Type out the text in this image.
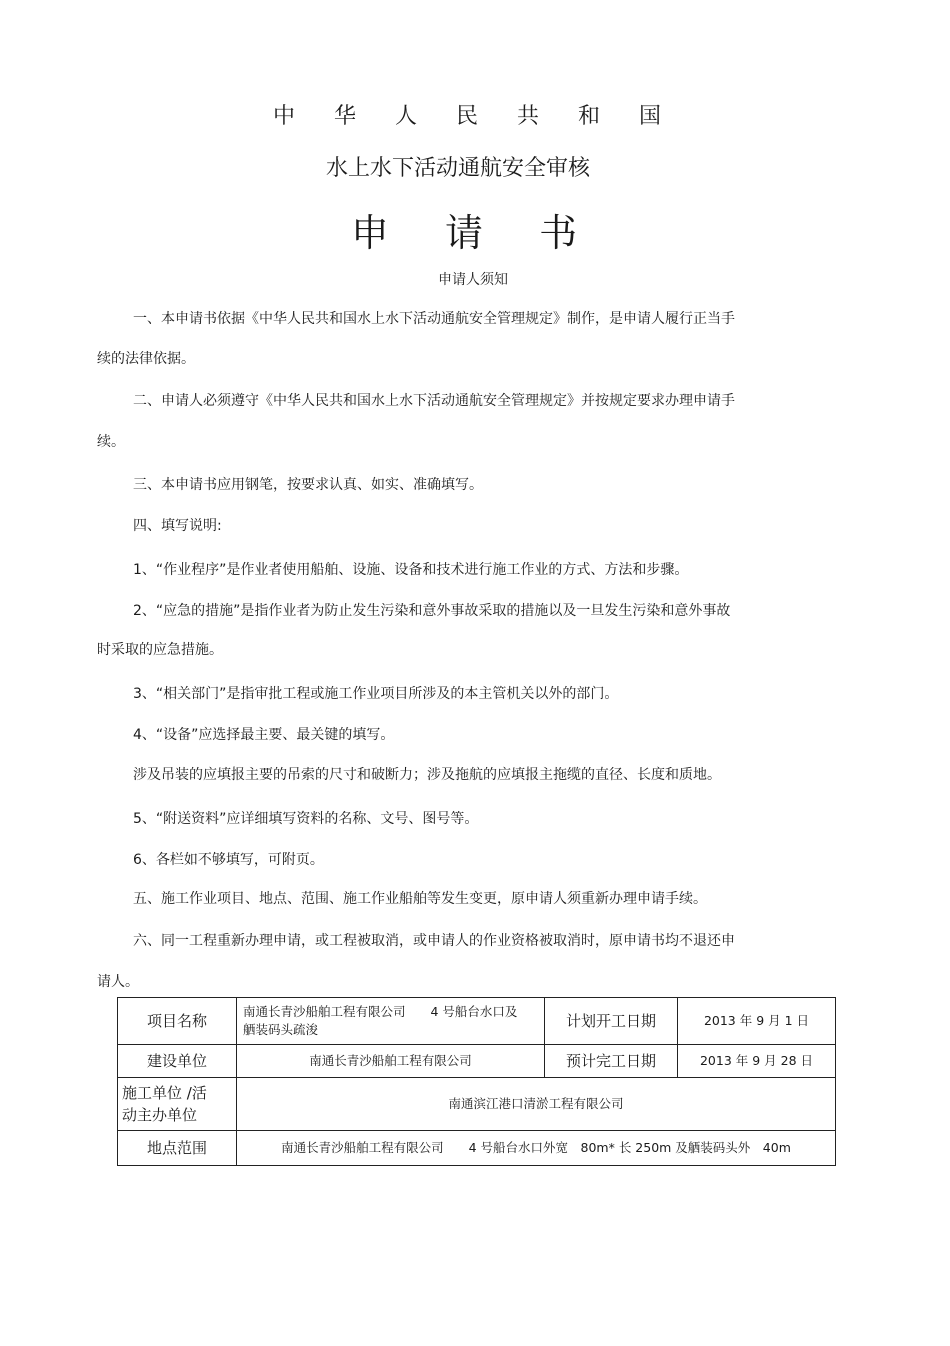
中 华 人 民 共 和 国
水上水下活动通航安全审核
申 请 书
申请人须知
一、本申请书依据《中华人民共和国水上水下活动通航安全管理规定》制作，是申请人履行正当手
续的法律依据。
二、申请人必须遵守《中华人民共和国水上水下活动通航安全管理规定》并按规定要求办理申请手
续。
三、本申请书应用钢笔，按要求认真、如实、准确填写。
四、填写说明:
1、“作业程序”是作业者使用船舶、设施、设备和技术进行施工作业的方式、方法和步骤。
2、“应急的措施”是指作业者为防止发生污染和意外事故采取的措施以及一旦发生污染和意外事故
时采取的应急措施。
3、“相关部门”是指审批工程或施工作业项目所涉及的本主管机关以外的部门。
4、“设备”应选择最主要、最关键的填写。
涉及吊装的应填报主要的吊索的尺寸和破断力；涉及拖航的应填报主拖缆的直径、长度和质地。
5、“附送资料”应详细填写资料的名称、文号、图号等。
6、各栏如不够填写，可附页。
五、施工作业项目、地点、范围、施工作业船舶等发生变更，原申请人须重新办理申请手续。
六、同一工程重新办理申请，或工程被取消，或申请人的作业资格被取消时，原申请书均不退还申
请人。
项目名称	南通长青沙船舶工程有限公司　　4 号船台水口及
舾装码头疏浚	计划开工日期	2013 年 9 月 1 日
建设单位	南通长青沙船舶工程有限公司	预计完工日期	2013 年 9 月 28 日

施工单位 /活
动主办单位	南通滨江港口清淤工程有限公司		
地点范围	南通长青沙船舶工程有限公司　　4 号船台水口外宽　80m* 长 250m 及舾装码头外　40m		
